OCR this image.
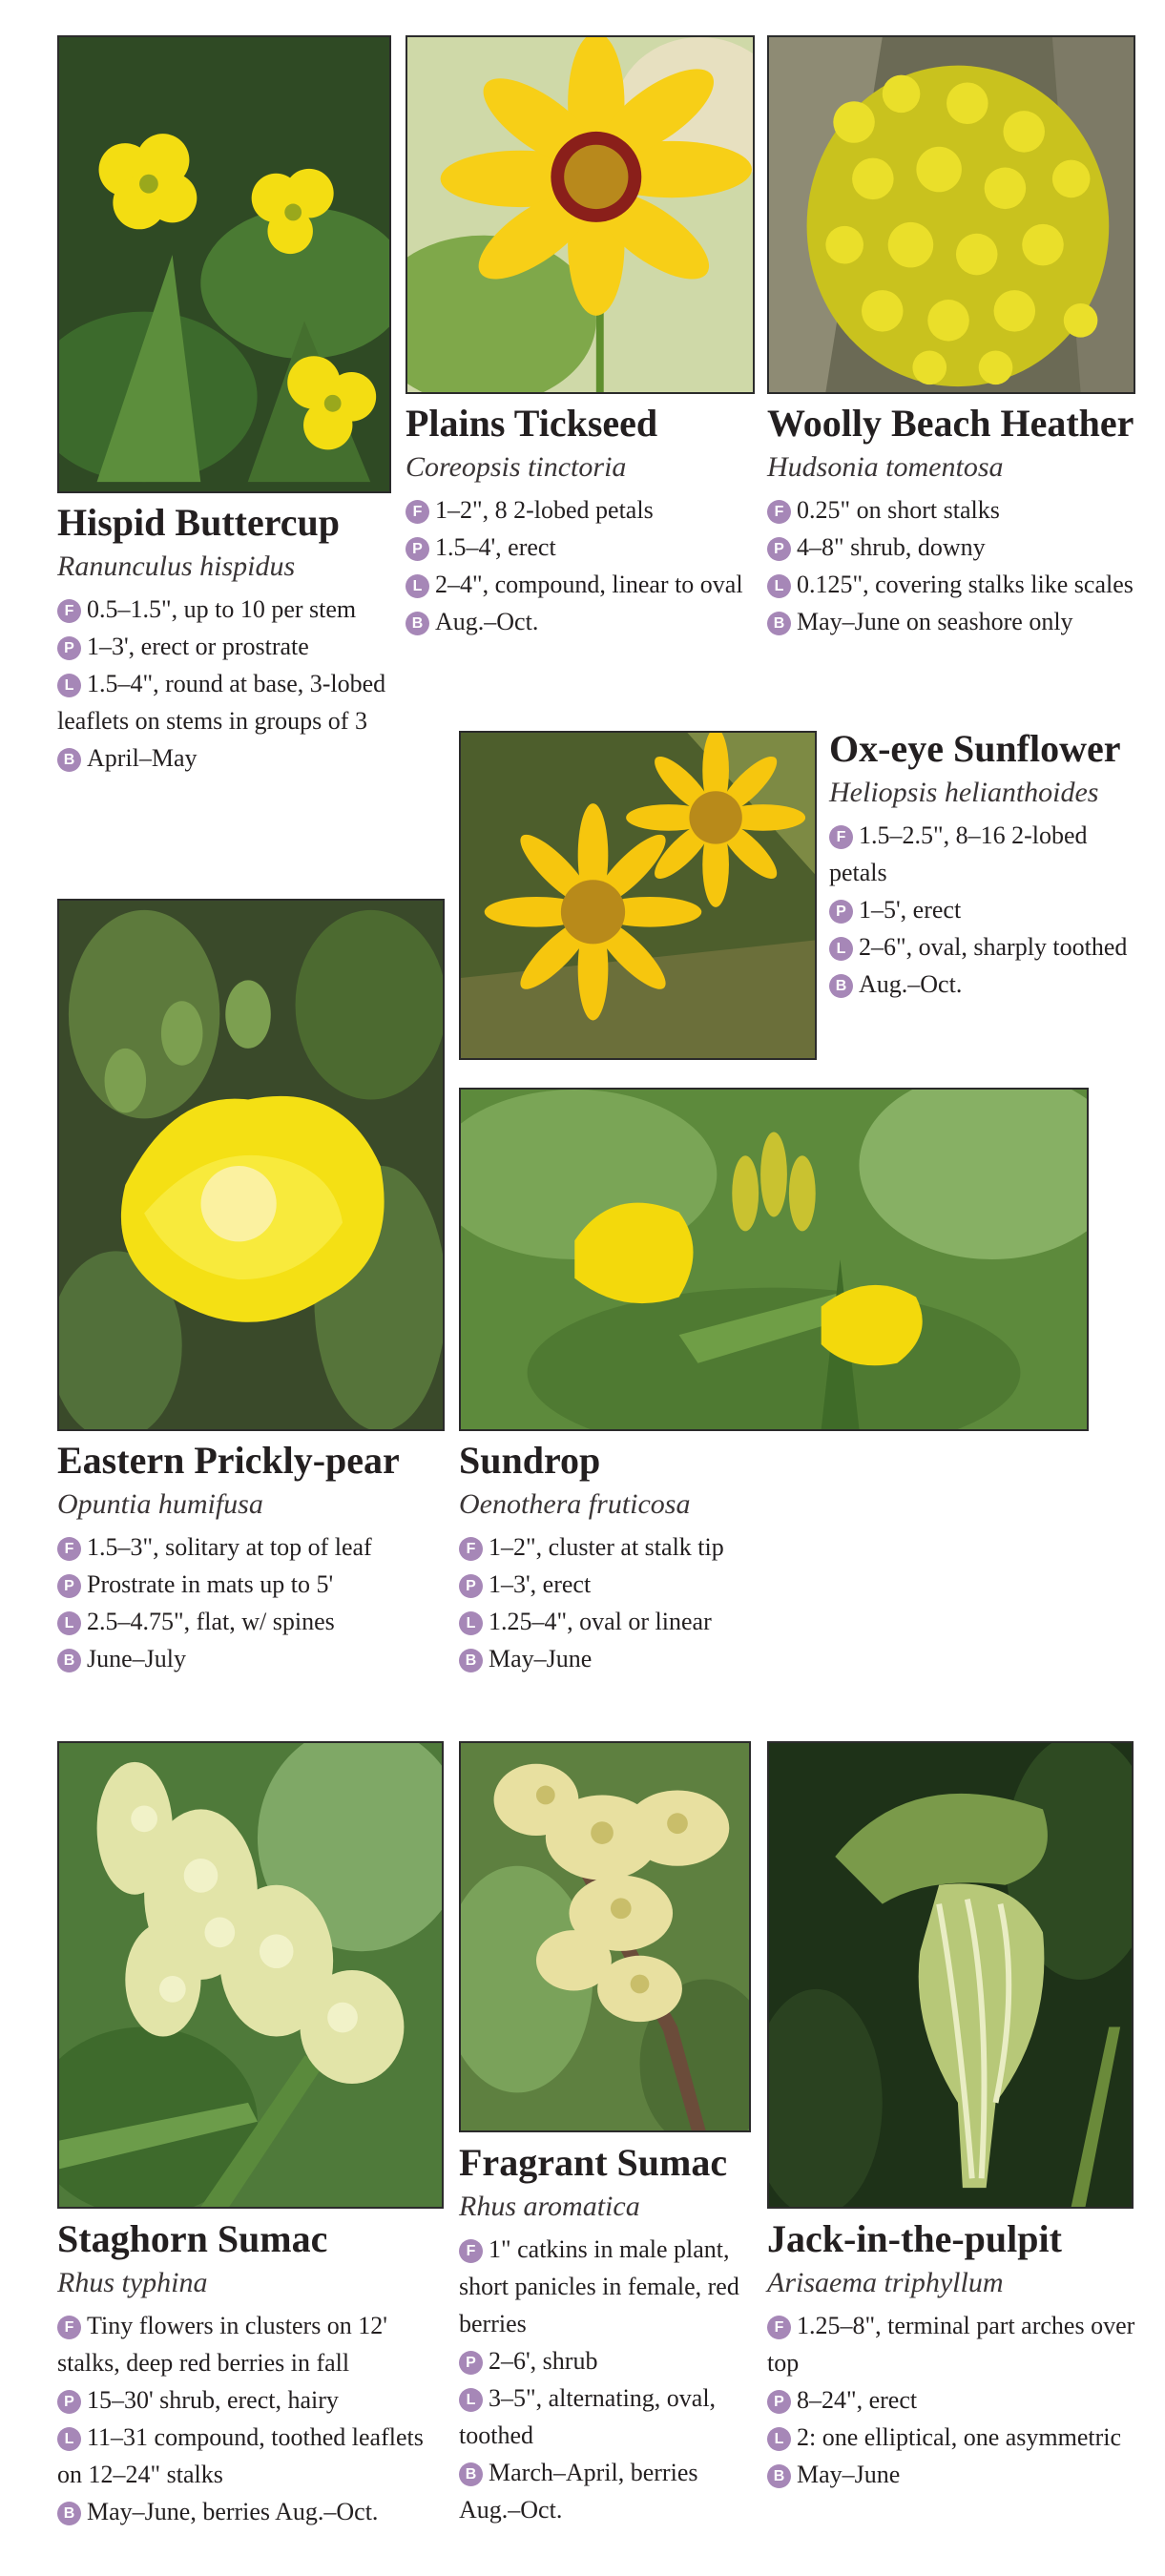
Hispid Buttercup
Ranunculus hispidus
F 0.5–1.5", up to 10 per stem
P 1–3', erect or prostrate
L 1.5–4", round at base, 3-lobed leaflets on stems in groups of 3
B April–May
Plains Tickseed
Coreopsis tinctoria
F 1–2", 8 2-lobed petals
P 1.5–4', erect
L 2–4", compound, linear to oval
B Aug.–Oct.
Woolly Beach Heather
Hudsonia tomentosa
F 0.25" on short stalks
P 4–8" shrub, downy
L 0.125", covering stalks like scales
B May–June on seashore only
Ox-eye Sunflower
Heliopsis helianthoides
F 1.5–2.5", 8–16 2-lobed petals
P 1–5', erect
L 2–6", oval, sharply toothed
B Aug.–Oct.
Eastern Prickly-pear
Opuntia humifusa
F 1.5–3", solitary at top of leaf
P Prostrate in mats up to 5'
L 2.5–4.75", flat, w/ spines
B June–July
Sundrop
Oenothera fruticosa
F 1–2", cluster at stalk tip
P 1–3', erect
L 1.25–4", oval or linear
B May–June
Staghorn Sumac
Rhus typhina
F Tiny flowers in clusters on 12' stalks, deep red berries in fall
P 15–30' shrub, erect, hairy
L 11–31 compound, toothed leaflets on 12–24" stalks
B May–June, berries Aug.–Oct.
Fragrant Sumac
Rhus aromatica
F 1" catkins in male plant, short panicles in female, red berries
P 2–6', shrub
L 3–5", alternating, oval, toothed
B March–April, berries Aug.–Oct.
Jack-in-the-pulpit
Arisaema triphyllum
F 1.25–8", terminal part arches over top
P 8–24", erect
L 2: one elliptical, one asymmetric
B May–June
